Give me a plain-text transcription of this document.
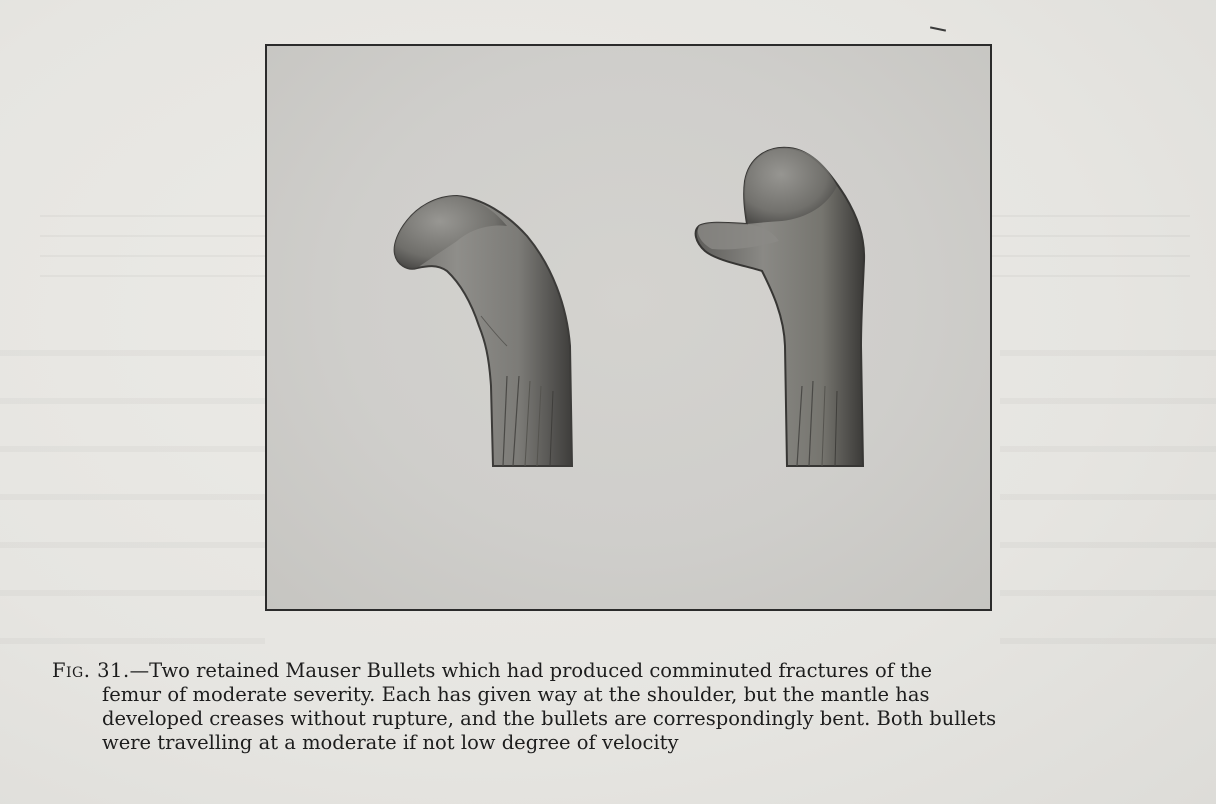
Fig. 31.—Two retained Mauser Bullets which had produced comminuted fractures of the
femur of moderate severity. Each has given way at the shoulder, but the mantle has
developed creases without rupture, and the bullets are correspondingly bent. Both bullets
were travelling at a moderate if not low degree of velocity
